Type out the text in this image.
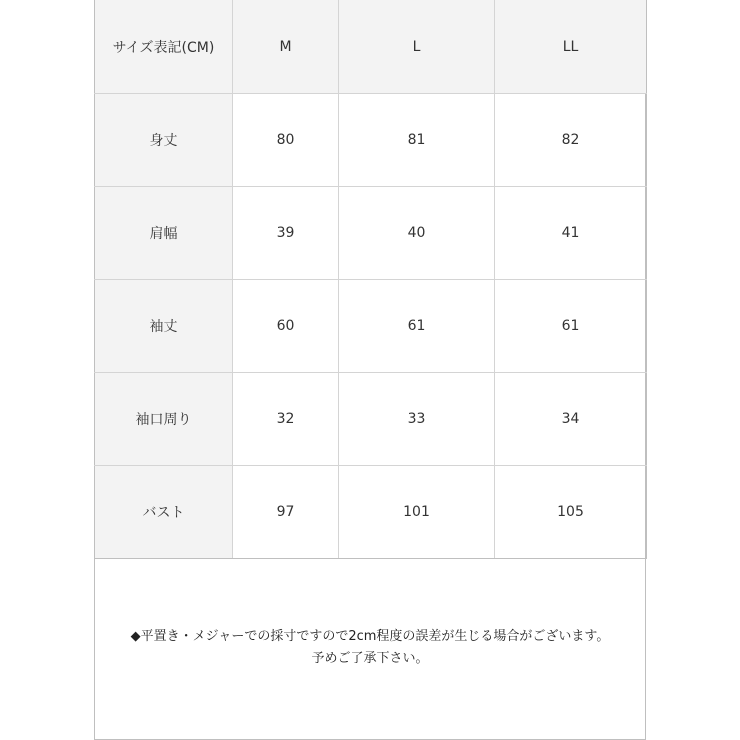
サイズ表記(CM)	M	L	LL
身丈	80	81	82
肩幅	39	40	41
袖丈	60	61	61
袖口周り	32	33	34
バスト	97	101	105
◆平置き・メジャーでの採寸ですので2cm程度の誤差が生じる場合がございます。
予めご了承下さい。
